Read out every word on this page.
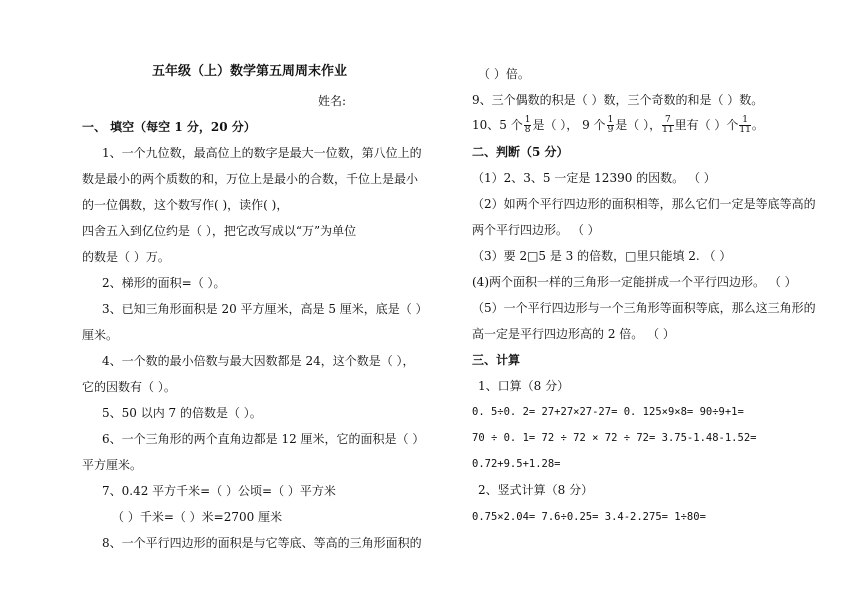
五年级（上）数学第五周周末作业
姓名:
一、 填空（每空 1 分，20 分）
1、一个九位数，最高位上的数字是最大一位数，第八位上的
数是最小的两个质数的和，万位上是最小的合数，千位上是最小
的一位偶数，这个数写作( )，读作( )，
四舍五入到亿位约是（ ），把它改写成以“万”为单位
的数是（ ）万。
2、梯形的面积=（ ）。
3、已知三角形面积是 20 平方厘米，高是 5 厘米，底是（ ）
厘米。
4、一个数的最小倍数与最大因数都是 24，这个数是（ ），
它的因数有（ ）。
5、50 以内 7 的倍数是（ ）。
6、一个三角形的两个直角边都是 12 厘米，它的面积是（ ）
平方厘米。
7、0.42 平方千米=（ ）公顷=（ ）平方米
（ ）千米=（ ）米=2700 厘米
8、一个平行四边形的面积是与它等底、等高的三角形面积的
（ ）倍。
9、三个偶数的积是（ ）数，三个奇数的和是（ ）数。
10、5 个 $\frac{1}{8}$ 是（ ）， 9 个 $\frac{1}{9}$ 是（ ）， $\frac{7}{11}$ 里有（ ）个 $\frac{1}{11}$ 。
二、判断（5 分）
（1）2、3、5 一定是 12390 的因数。 （ ）
（2）如两个平行四边形的面积相等，那么它们一定是等底等高的
两个平行四边形。 （ ）
（3）要 2□5 是 3 的倍数，□里只能填 2. （ ）
(4)两个面积一样的三角形一定能拼成一个平行四边形。 （ ）
（5）一个平行四边形与一个三角形等面积等底，那么这三角形的
高一定是平行四边形高的 2 倍。 （ ）
三、计算
1、口算（8 分）
0. 5÷0. 2= 27+27×27-27= 0. 125×9×8= 90÷9+1=
70 ÷ 0. 1= 72 ÷ 72 × 72 ÷ 72= 3.75-1.48-1.52=
0.72+9.5+1.28=
2、竖式计算（8 分）
0.75×2.04= 7.6÷0.25= 3.4-2.275= 1÷80=
